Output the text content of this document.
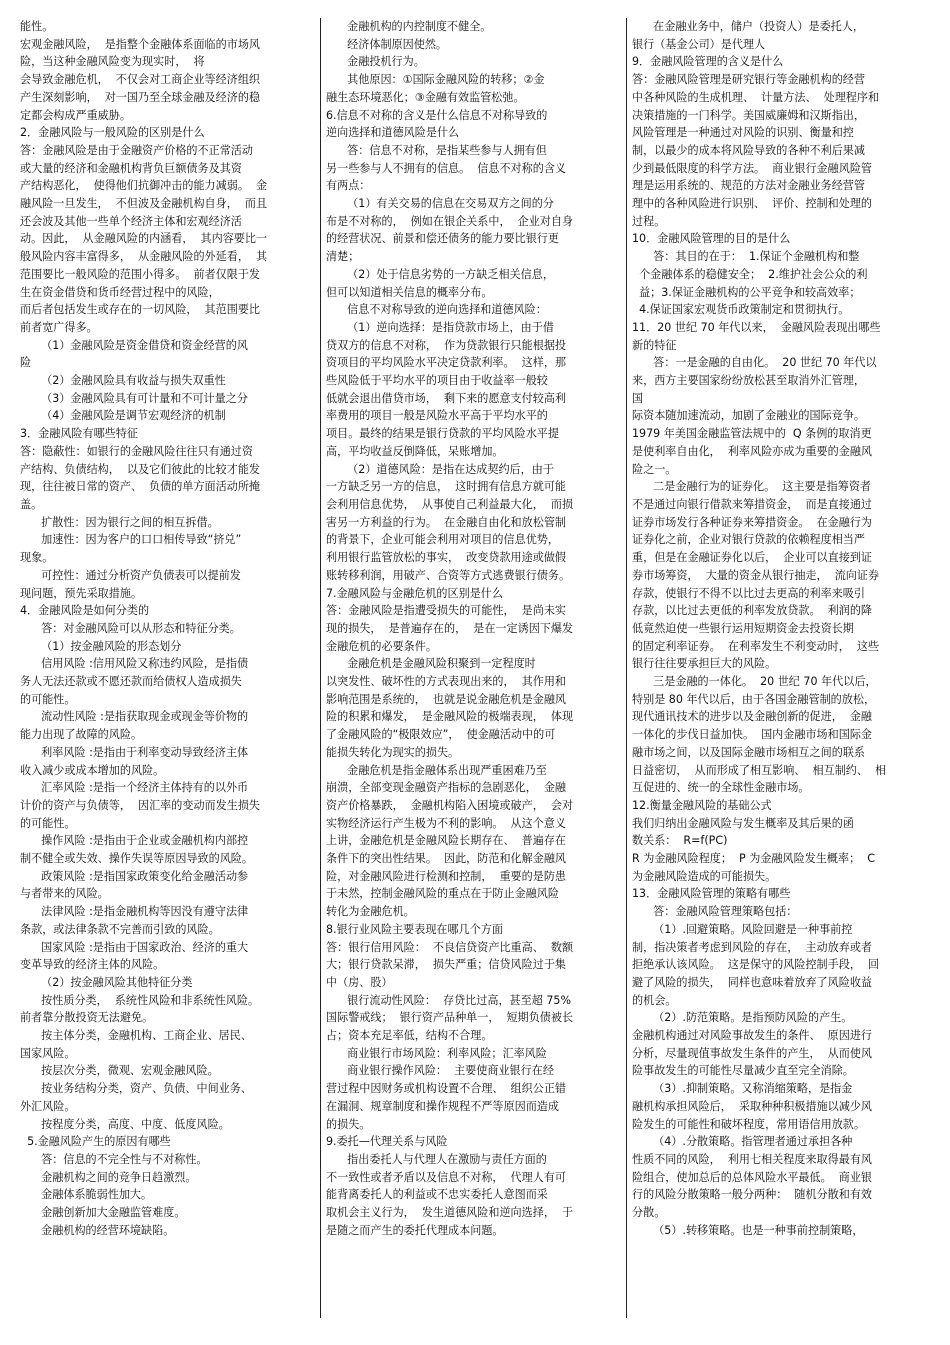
能性。

宏观金融风险，  是指整个金融体系面临的市场风

险，当这种金融风险变为现实时，  将

会导致金融危机，  不仅会对工商企业等经济组织

产生深刻影响，  对一国乃至全球金融及经济的稳

定都会构成严重威胁。

2．金融风险与一般风险的区别是什么

答：金融风险是由于金融资产价格的不正常活动

或大量的经济和金融机构背负巨额债务及其资

产结构恶化，  使得他们抗御冲击的能力减弱。  金

融风险一旦发生，  不但波及金融机构自身，  而且

还会波及其他一些单个经济主体和宏观经济活

动。因此，  从金融风险的内涵看，  其内容要比一

般风险内容丰富得多，  从金融风险的外延看，  其

范围要比一般风险的范围小得多。  前者仅限于发

生在资金借贷和货币经营过程中的风险，

而后者包括发生或存在的一切风险，  其范围要比

前者宽广得多。

（1）金融风险是资金借贷和资金经营的风

险

（2）金融风险具有收益与损失双重性

（3）金融风险具有可计量和不可计量之分

（4）金融风险是调节宏观经济的机制

3．金融风险有哪些特征

答：隐蔽性：如银行的金融风险往往只有通过资

产结构、负债结构，  以及它们彼此的比较才能发

现，往往被日常的资产、  负债的单方面活动所掩

盖。

扩散性：因为银行之间的相互拆借。

加速性：因为客户的口口相传导致“挤兑”

现象。

可控性：通过分析资产负债表可以提前发

现问题，预先采取措施。

4．金融风险是如何分类的

答：对金融风险可以从形态和特征分类。

（1）按金融风险的形态划分

信用风险 :信用风险又称违约风险，是指债

务人无法还款或不愿还款而给债权人造成损失

的可能性。

流动性风险 :是指获取现金或现金等价物的

能力出现了故障的风险。

利率风险 :是指由于利率变动导致经济主体

收入减少或成本增加的风险。

汇率风险 :是指一个经济主体持有的以外币

计价的资产与负债等，  因汇率的变动而发生损失

的可能性。

操作风险 :是指由于企业或金融机构内部控

制不健全或失效、操作失误等原因导致的风险。

政策风险 :是指国家政策变化给金融活动参

与者带来的风险。

法律风险 :是指金融机构等因没有遵守法律

条款，或法律条款不完善而引致的风险。

国家风险 :是指由于国家政治、经济的重大

变革导致的经济主体的风险。

（2）按金融风险其他特征分类

按性质分类，  系统性风险和非系统性风险。

前者靠分散投资无法避免。

按主体分类，金融机构、工商企业、居民、

国家风险。

按层次分类，微观、宏观金融风险。

按业务结构分类，资产、负债、中间业务、

外汇风险。

按程度分类，高度、中度、低度风险。

5.金融风险产生的原因有哪些

答：信息的不完全性与不对称性。

金融机构之间的竞争日趋激烈。

金融体系脆弱性加大。

金融创新加大金融监管难度。

金融机构的经营环境缺陷。

金融机构的内控制度不健全。

经济体制原因使然。

金融投机行为。

其他原因：①国际金融风险的转移；②金

融生态环境恶化；③金融有效监管松弛。

6.信息不对称的含义是什么信息不对称导致的

逆向选择和道德风险是什么

答：信息不对称，是指某些参与人拥有但

另一些参与人不拥有的信息。  信息不对称的含义

有两点：

（1）有关交易的信息在交易双方之间的分

布是不对称的，  例如在银企关系中，  企业对自身

的经营状况、前景和偿还债务的能力要比银行更

清楚；

（2）处于信息劣势的一方缺乏相关信息，

但可以知道相关信息的概率分布。

信息不对称导致的逆向选择和道德风险：

（1）逆向选择：是指贷款市场上，由于借

贷双方的信息不对称，  作为贷款银行只能根据投

资项目的平均风险水平决定贷款利率。  这样，那

些风险低于平均水平的项目由于收益率一般较

低就会退出借贷市场，  剩下来的愿意支付较高利

率费用的项目一般是风险水平高于平均水平的

项目。最终的结果是银行贷款的平均风险水平提

高，平均收益反倒降低，呆账增加。

（2）道德风险：是指在达成契约后，由于

一方缺乏另一方的信息，  这时拥有信息方就可能

会利用信息优势，  从事使自己利益最大化，  而损

害另一方利益的行为。  在金融自由化和放松管制

的背景下，企业可能会利用对项目的信息优势，

利用银行监管放松的事实，  改变贷款用途或做假

账转移利润，用破产、合资等方式逃费银行债务。

7.金融风险与金融危机的区别是什么

答：金融风险是指遭受损失的可能性，  是尚未实

现的损失，  是普遍存在的，  是在一定诱因下爆发

金融危机的必要条件。

金融危机是金融风险积聚到一定程度时

以突发性、破坏性的方式表现出来的，  其作用和

影响范围是系统的，  也就是说金融危机是金融风

险的积累和爆发，  是金融风险的极端表现，  体现

了金融风险的“极限效应”，  使金融活动中的可

能损失转化为现实的损失。

金融危机是指金融体系出现严重困难乃至

崩溃，全部变现金融资产指标的急剧恶化，  金融

资产价格暴跌，  金融机构陷入困境或破产，  会对

实物经济运行产生极为不利的影响。  从这个意义

上讲，金融危机是金融风险长期存在、  普遍存在

条件下的突出性结果。  因此，防范和化解金融风

险，对金融风险进行检测和控制，  重要的是防患

于未然，控制金融风险的重点在于防止金融风险

转化为金融危机。

8.银行业风险主要表现在哪几个方面

答：银行信用风险：  不良信贷资产比重高、  数额

大；银行贷款呆滞，  损失严重；信贷风险过于集

中（房、股）

银行流动性风险：  存贷比过高，甚至超 75%

国际警戒线；  银行资产品种单一，  短期负债被长

占；资本充足率低，结构不合理。

商业银行市场风险：利率风险；汇率风险

商业银行操作风险：  主要使商业银行在经

营过程中因财务或机构设置不合理、  组织公正错

在漏洞、规章制度和操作规程不严等原因而造成

的损失。

9.委托—代理关系与风险

指出委托人与代理人在激励与责任方面的

不一致性或者矛盾以及信息不对称，  代理人有可

能背离委托人的利益或不忠实委托人意图而采

取机会主义行为，  发生道德风险和逆向选择，  于

是随之而产生的委托代理成本问题。

在金融业务中，储户（投资人）是委托人，

银行（基金公司）是代理人

9．金融风险管理的含义是什么

答：金融风险管理是研究银行等金融机构的经营

中各种风险的生成机理、  计量方法、  处理程序和

决策措施的一门科学。美国威廉姆和汉斯指出，

风险管理是一种通过对风险的识别、衡量和控

制，以最少的成本将风险导致的各种不利后果减

少到最低限度的科学方法。  商业银行金融风险管

理是运用系统的、规范的方法对金融业务经营管

理中的各种风险进行识别、  评价、控制和处理的

过程。

10．金融风险管理的目的是什么

答：其目的在于：  1.保证个金融机构和整

个金融体系的稳健安全；  2.维护社会公众的利

益；3.保证金融机构的公平竞争和较高效率；

4.保证国家宏观货币政策制定和贯彻执行。

11．20 世纪 70 年代以来，  金融风险表现出哪些

新的特征

答：一是金融的自由化。  20 世纪 70 年代以

来，西方主要国家纷纷放松甚至取消外汇管理，

国

际资本随加速流动，加剧了金融业的国际竞争。

1979 年美国金融监管法规中的  Q 条例的取消更

是使利率自由化，  利率风险亦成为重要的金融风

险之一。

二是金融行为的证券化。  这主要是指筹资者

不是通过向银行借款来筹措资金，  而是直接通过

证券市场发行各种证券来筹措资金。  在金融行为

证券化之前，企业对银行贷款的依赖程度相当严

重，但是在金融证券化以后，  企业可以直接到证

券市场筹资，  大量的资金从银行抽走，  流向证券

存款，使银行不得不以比过去更高的利率来吸引

存款，以比过去更低的利率发放贷款。  利润的降

低竟然迫使一些银行运用短期资金去投资长期

的固定利率证券。  在利率发生不利变动时，  这些

银行往往要承担巨大的风险。

三是金融的一体化。  20 世纪 70 年代以后，

特别是 80 年代以后，由于各国金融管制的放松，

现代通讯技术的进步以及金融创新的促进，  金融

一体化的步伐日益加快。  国内金融市场和国际金

融市场之间，以及国际金融市场相互之间的联系

日益密切，  从而形成了相互影响、  相互制约、  相

互促进的、统一的全球性金融市场。

12.衡量金融风险的基础公式

我们归纳出金融风险与发生概率及其后果的函

数关系：  R=f(PC)

R 为金融风险程度；  P 为金融风险发生概率；  C

为金融风险造成的可能损失。

13．金融风险管理的策略有哪些

答：金融风险管理策略包括：

（1）.回避策略。风险回避是一种事前控

制，指决策者考虑到风险的存在，  主动放弃或者

拒绝承认该风险。  这是保守的风险控制手段，  回

避了风险的损失，  同样也意味着放弃了风险收益

的机会。

（2）.防范策略。是指预防风险的产生。

金融机构通过对风险事故发生的条件、  原因进行

分析，尽量现值事故发生条件的产生，  从而使风

险事故发生的可能性尽量减少直至完全消除。

（3）.抑制策略。又称消缩策略，是指金

融机构承担风险后，  采取种种积极措施以减少风

险发生的可能性和破坏程度，常用语信用放款。

（4）.分散策略。指管理者通过承担各种

性质不同的风险，  利用七相关程度来取得最有风

险组合，使加总后的总体风险水平最低。  商业银

行的风险分散策略一般分两种：  随机分散和有效

分散。

（5）.转移策略。也是一种事前控制策略，
